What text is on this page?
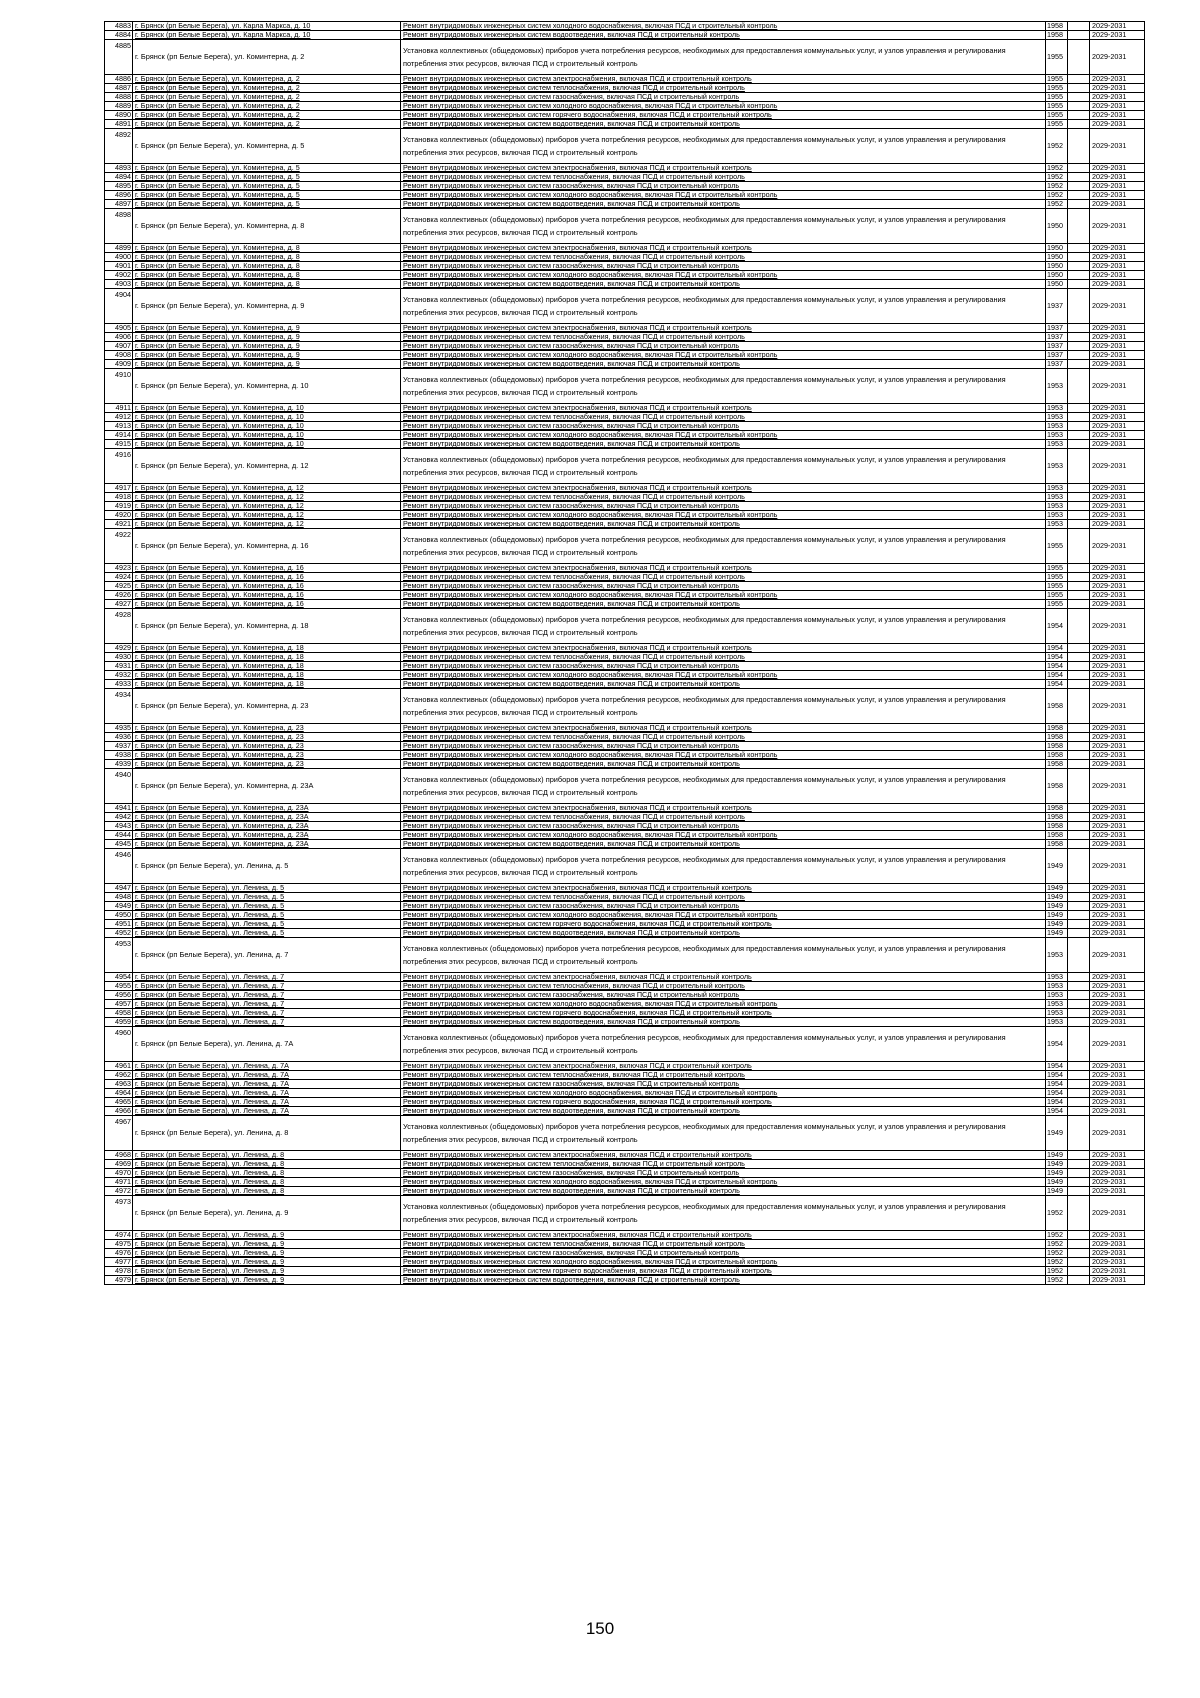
4883	г. Брянск (рп Белые Берега), ул. Карла Маркса, д. 10	Ремонт внутридомовых инженерных систем холодного водоснабжения, включая ПСД и строительный контроль	1958		2029-2031
4884	г. Брянск (рп Белые Берега), ул. Карла Маркса, д. 10	Ремонт внутридомовых инженерных систем водоотведения, включая ПСД и строительный контроль	1958		2029-2031
4885	г. Брянск (рп Белые Берега), ул. Коминтерна, д. 2	Установка коллективных (общедомовых) приборов учета потребления ресурсов, необходимых для предоставления коммунальных услуг, и узлов управления и регулирования потребления этих ресурсов, включая ПСД и строительный контроль	1955		2029-2031
4886	г. Брянск (рп Белые Берега), ул. Коминтерна, д. 2	Ремонт внутридомовых инженерных систем электроснабжения, включая ПСД и строительный контроль	1955		2029-2031
4887	г. Брянск (рп Белые Берега), ул. Коминтерна, д. 2	Ремонт внутридомовых инженерных систем теплоснабжения, включая ПСД и строительный контроль	1955		2029-2031
4888	г. Брянск (рп Белые Берега), ул. Коминтерна, д. 2	Ремонт внутридомовых инженерных систем газоснабжения, включая ПСД и строительный контроль	1955		2029-2031
4889	г. Брянск (рп Белые Берега), ул. Коминтерна, д. 2	Ремонт внутридомовых инженерных систем холодного водоснабжения, включая ПСД и строительный контроль	1955		2029-2031
4890	г. Брянск (рп Белые Берега), ул. Коминтерна, д. 2	Ремонт внутридомовых инженерных систем горячего водоснабжения, включая ПСД и строительный контроль	1955		2029-2031
4891	г. Брянск (рп Белые Берега), ул. Коминтерна, д. 2	Ремонт внутридомовых инженерных систем водоотведения, включая ПСД и строительный контроль	1955		2029-2031
4892	г. Брянск (рп Белые Берега), ул. Коминтерна, д. 5	Установка коллективных (общедомовых) приборов учета потребления ресурсов, необходимых для предоставления коммунальных услуг, и узлов управления и регулирования потребления этих ресурсов, включая ПСД и строительный контроль	1952		2029-2031
4893	г. Брянск (рп Белые Берега), ул. Коминтерна, д. 5	Ремонт внутридомовых инженерных систем электроснабжения, включая ПСД и строительный контроль	1952		2029-2031
4894	г. Брянск (рп Белые Берега), ул. Коминтерна, д. 5	Ремонт внутридомовых инженерных систем теплоснабжения, включая ПСД и строительный контроль	1952		2029-2031
4895	г. Брянск (рп Белые Берега), ул. Коминтерна, д. 5	Ремонт внутридомовых инженерных систем газоснабжения, включая ПСД и строительный контроль	1952		2029-2031
4896	г. Брянск (рп Белые Берега), ул. Коминтерна, д. 5	Ремонт внутридомовых инженерных систем холодного водоснабжения, включая ПСД и строительный контроль	1952		2029-2031
4897	г. Брянск (рп Белые Берега), ул. Коминтерна, д. 5	Ремонт внутридомовых инженерных систем водоотведения, включая ПСД и строительный контроль	1952		2029-2031
4898	г. Брянск (рп Белые Берега), ул. Коминтерна, д. 8	Установка коллективных (общедомовых) приборов учета потребления ресурсов, необходимых для предоставления коммунальных услуг, и узлов управления и регулирования потребления этих ресурсов, включая ПСД и строительный контроль	1950		2029-2031
4899	г. Брянск (рп Белые Берега), ул. Коминтерна, д. 8	Ремонт внутридомовых инженерных систем электроснабжения, включая ПСД и строительный контроль	1950		2029-2031
4900	г. Брянск (рп Белые Берега), ул. Коминтерна, д. 8	Ремонт внутридомовых инженерных систем теплоснабжения, включая ПСД и строительный контроль	1950		2029-2031
4901	г. Брянск (рп Белые Берега), ул. Коминтерна, д. 8	Ремонт внутридомовых инженерных систем газоснабжения, включая ПСД и строительный контроль	1950		2029-2031
4902	г. Брянск (рп Белые Берега), ул. Коминтерна, д. 8	Ремонт внутридомовых инженерных систем холодного водоснабжения, включая ПСД и строительный контроль	1950		2029-2031
4903	г. Брянск (рп Белые Берега), ул. Коминтерна, д. 8	Ремонт внутридомовых инженерных систем водоотведения, включая ПСД и строительный контроль	1950		2029-2031
4904	г. Брянск (рп Белые Берега), ул. Коминтерна, д. 9	Установка коллективных (общедомовых) приборов учета потребления ресурсов, необходимых для предоставления коммунальных услуг, и узлов управления и регулирования потребления этих ресурсов, включая ПСД и строительный контроль	1937		2029-2031
4905	г. Брянск (рп Белые Берега), ул. Коминтерна, д. 9	Ремонт внутридомовых инженерных систем электроснабжения, включая ПСД и строительный контроль	1937		2029-2031
4906	г. Брянск (рп Белые Берега), ул. Коминтерна, д. 9	Ремонт внутридомовых инженерных систем теплоснабжения, включая ПСД и строительный контроль	1937		2029-2031
4907	г. Брянск (рп Белые Берега), ул. Коминтерна, д. 9	Ремонт внутридомовых инженерных систем газоснабжения, включая ПСД и строительный контроль	1937		2029-2031
4908	г. Брянск (рп Белые Берега), ул. Коминтерна, д. 9	Ремонт внутридомовых инженерных систем холодного водоснабжения, включая ПСД и строительный контроль	1937		2029-2031
4909	г. Брянск (рп Белые Берега), ул. Коминтерна, д. 9	Ремонт внутридомовых инженерных систем водоотведения, включая ПСД и строительный контроль	1937		2029-2031
4910	г. Брянск (рп Белые Берега), ул. Коминтерна, д. 10	Установка коллективных (общедомовых) приборов учета потребления ресурсов, необходимых для предоставления коммунальных услуг, и узлов управления и регулирования потребления этих ресурсов, включая ПСД и строительный контроль	1953		2029-2031
4911	г. Брянск (рп Белые Берега), ул. Коминтерна, д. 10	Ремонт внутридомовых инженерных систем электроснабжения, включая ПСД и строительный контроль	1953		2029-2031
4912	г. Брянск (рп Белые Берега), ул. Коминтерна, д. 10	Ремонт внутридомовых инженерных систем теплоснабжения, включая ПСД и строительный контроль	1953		2029-2031
4913	г. Брянск (рп Белые Берега), ул. Коминтерна, д. 10	Ремонт внутридомовых инженерных систем газоснабжения, включая ПСД и строительный контроль	1953		2029-2031
4914	г. Брянск (рп Белые Берега), ул. Коминтерна, д. 10	Ремонт внутридомовых инженерных систем холодного водоснабжения, включая ПСД и строительный контроль	1953		2029-2031
4915	г. Брянск (рп Белые Берега), ул. Коминтерна, д. 10	Ремонт внутридомовых инженерных систем водоотведения, включая ПСД и строительный контроль	1953		2029-2031
4916	г. Брянск (рп Белые Берега), ул. Коминтерна, д. 12	Установка коллективных (общедомовых) приборов учета потребления ресурсов, необходимых для предоставления коммунальных услуг, и узлов управления и регулирования потребления этих ресурсов, включая ПСД и строительный контроль	1953		2029-2031
4917	г. Брянск (рп Белые Берега), ул. Коминтерна, д. 12	Ремонт внутридомовых инженерных систем электроснабжения, включая ПСД и строительный контроль	1953		2029-2031
4918	г. Брянск (рп Белые Берега), ул. Коминтерна, д. 12	Ремонт внутридомовых инженерных систем теплоснабжения, включая ПСД и строительный контроль	1953		2029-2031
4919	г. Брянск (рп Белые Берега), ул. Коминтерна, д. 12	Ремонт внутридомовых инженерных систем газоснабжения, включая ПСД и строительный контроль	1953		2029-2031
4920	г. Брянск (рп Белые Берега), ул. Коминтерна, д. 12	Ремонт внутридомовых инженерных систем холодного водоснабжения, включая ПСД и строительный контроль	1953		2029-2031
4921	г. Брянск (рп Белые Берега), ул. Коминтерна, д. 12	Ремонт внутридомовых инженерных систем водоотведения, включая ПСД и строительный контроль	1953		2029-2031
4922	г. Брянск (рп Белые Берега), ул. Коминтерна, д. 16	Установка коллективных (общедомовых) приборов учета потребления ресурсов, необходимых для предоставления коммунальных услуг, и узлов управления и регулирования потребления этих ресурсов, включая ПСД и строительный контроль	1955		2029-2031
4923	г. Брянск (рп Белые Берега), ул. Коминтерна, д. 16	Ремонт внутридомовых инженерных систем электроснабжения, включая ПСД и строительный контроль	1955		2029-2031
4924	г. Брянск (рп Белые Берега), ул. Коминтерна, д. 16	Ремонт внутридомовых инженерных систем теплоснабжения, включая ПСД и строительный контроль	1955		2029-2031
4925	г. Брянск (рп Белые Берега), ул. Коминтерна, д. 16	Ремонт внутридомовых инженерных систем газоснабжения, включая ПСД и строительный контроль	1955		2029-2031
4926	г. Брянск (рп Белые Берега), ул. Коминтерна, д. 16	Ремонт внутридомовых инженерных систем холодного водоснабжения, включая ПСД и строительный контроль	1955		2029-2031
4927	г. Брянск (рп Белые Берега), ул. Коминтерна, д. 16	Ремонт внутридомовых инженерных систем водоотведения, включая ПСД и строительный контроль	1955		2029-2031
4928	г. Брянск (рп Белые Берега), ул. Коминтерна, д. 18	Установка коллективных (общедомовых) приборов учета потребления ресурсов, необходимых для предоставления коммунальных услуг, и узлов управления и регулирования потребления этих ресурсов, включая ПСД и строительный контроль	1954		2029-2031
4929	г. Брянск (рп Белые Берега), ул. Коминтерна, д. 18	Ремонт внутридомовых инженерных систем электроснабжения, включая ПСД и строительный контроль	1954		2029-2031
4930	г. Брянск (рп Белые Берега), ул. Коминтерна, д. 18	Ремонт внутридомовых инженерных систем теплоснабжения, включая ПСД и строительный контроль	1954		2029-2031
4931	г. Брянск (рп Белые Берега), ул. Коминтерна, д. 18	Ремонт внутридомовых инженерных систем газоснабжения, включая ПСД и строительный контроль	1954		2029-2031
4932	г. Брянск (рп Белые Берега), ул. Коминтерна, д. 18	Ремонт внутридомовых инженерных систем холодного водоснабжения, включая ПСД и строительный контроль	1954		2029-2031
4933	г. Брянск (рп Белые Берега), ул. Коминтерна, д. 18	Ремонт внутридомовых инженерных систем водоотведения, включая ПСД и строительный контроль	1954		2029-2031
4934	г. Брянск (рп Белые Берега), ул. Коминтерна, д. 23	Установка коллективных (общедомовых) приборов учета потребления ресурсов, необходимых для предоставления коммунальных услуг, и узлов управления и регулирования потребления этих ресурсов, включая ПСД и строительный контроль	1958		2029-2031
4935	г. Брянск (рп Белые Берега), ул. Коминтерна, д. 23	Ремонт внутридомовых инженерных систем электроснабжения, включая ПСД и строительный контроль	1958		2029-2031
4936	г. Брянск (рп Белые Берега), ул. Коминтерна, д. 23	Ремонт внутридомовых инженерных систем теплоснабжения, включая ПСД и строительный контроль	1958		2029-2031
4937	г. Брянск (рп Белые Берега), ул. Коминтерна, д. 23	Ремонт внутридомовых инженерных систем газоснабжения, включая ПСД и строительный контроль	1958		2029-2031
4938	г. Брянск (рп Белые Берега), ул. Коминтерна, д. 23	Ремонт внутридомовых инженерных систем холодного водоснабжения, включая ПСД и строительный контроль	1958		2029-2031
4939	г. Брянск (рп Белые Берега), ул. Коминтерна, д. 23	Ремонт внутридомовых инженерных систем водоотведения, включая ПСД и строительный контроль	1958		2029-2031
4940	г. Брянск (рп Белые Берега), ул. Коминтерна, д. 23А	Установка коллективных (общедомовых) приборов учета потребления ресурсов, необходимых для предоставления коммунальных услуг, и узлов управления и регулирования потребления этих ресурсов, включая ПСД и строительный контроль	1958		2029-2031
4941	г. Брянск (рп Белые Берега), ул. Коминтерна, д. 23А	Ремонт внутридомовых инженерных систем электроснабжения, включая ПСД и строительный контроль	1958		2029-2031
4942	г. Брянск (рп Белые Берега), ул. Коминтерна, д. 23А	Ремонт внутридомовых инженерных систем теплоснабжения, включая ПСД и строительный контроль	1958		2029-2031
4943	г. Брянск (рп Белые Берега), ул. Коминтерна, д. 23А	Ремонт внутридомовых инженерных систем газоснабжения, включая ПСД и строительный контроль	1958		2029-2031
4944	г. Брянск (рп Белые Берега), ул. Коминтерна, д. 23А	Ремонт внутридомовых инженерных систем холодного водоснабжения, включая ПСД и строительный контроль	1958		2029-2031
4945	г. Брянск (рп Белые Берега), ул. Коминтерна, д. 23А	Ремонт внутридомовых инженерных систем водоотведения, включая ПСД и строительный контроль	1958		2029-2031
4946	г. Брянск (рп Белые Берега), ул. Ленина, д. 5	Установка коллективных (общедомовых) приборов учета потребления ресурсов, необходимых для предоставления коммунальных услуг, и узлов управления и регулирования потребления этих ресурсов, включая ПСД и строительный контроль	1949		2029-2031
4947	г. Брянск (рп Белые Берега), ул. Ленина, д. 5	Ремонт внутридомовых инженерных систем электроснабжения, включая ПСД и строительный контроль	1949		2029-2031
4948	г. Брянск (рп Белые Берега), ул. Ленина, д. 5	Ремонт внутридомовых инженерных систем теплоснабжения, включая ПСД и строительный контроль	1949		2029-2031
4949	г. Брянск (рп Белые Берега), ул. Ленина, д. 5	Ремонт внутридомовых инженерных систем газоснабжения, включая ПСД и строительный контроль	1949		2029-2031
4950	г. Брянск (рп Белые Берега), ул. Ленина, д. 5	Ремонт внутридомовых инженерных систем холодного водоснабжения, включая ПСД и строительный контроль	1949		2029-2031
4951	г. Брянск (рп Белые Берега), ул. Ленина, д. 5	Ремонт внутридомовых инженерных систем горячего водоснабжения, включая ПСД и строительный контроль	1949		2029-2031
4952	г. Брянск (рп Белые Берега), ул. Ленина, д. 5	Ремонт внутридомовых инженерных систем водоотведения, включая ПСД и строительный контроль	1949		2029-2031
4953	г. Брянск (рп Белые Берега), ул. Ленина, д. 7	Установка коллективных (общедомовых) приборов учета потребления ресурсов, необходимых для предоставления коммунальных услуг, и узлов управления и регулирования потребления этих ресурсов, включая ПСД и строительный контроль	1953		2029-2031
4954	г. Брянск (рп Белые Берега), ул. Ленина, д. 7	Ремонт внутридомовых инженерных систем электроснабжения, включая ПСД и строительный контроль	1953		2029-2031
4955	г. Брянск (рп Белые Берега), ул. Ленина, д. 7	Ремонт внутридомовых инженерных систем теплоснабжения, включая ПСД и строительный контроль	1953		2029-2031
4956	г. Брянск (рп Белые Берега), ул. Ленина, д. 7	Ремонт внутридомовых инженерных систем газоснабжения, включая ПСД и строительный контроль	1953		2029-2031
4957	г. Брянск (рп Белые Берега), ул. Ленина, д. 7	Ремонт внутридомовых инженерных систем холодного водоснабжения, включая ПСД и строительный контроль	1953		2029-2031
4958	г. Брянск (рп Белые Берега), ул. Ленина, д. 7	Ремонт внутридомовых инженерных систем горячего водоснабжения, включая ПСД и строительный контроль	1953		2029-2031
4959	г. Брянск (рп Белые Берега), ул. Ленина, д. 7	Ремонт внутридомовых инженерных систем водоотведения, включая ПСД и строительный контроль	1953		2029-2031
4960	г. Брянск (рп Белые Берега), ул. Ленина, д. 7А	Установка коллективных (общедомовых) приборов учета потребления ресурсов, необходимых для предоставления коммунальных услуг, и узлов управления и регулирования потребления этих ресурсов, включая ПСД и строительный контроль	1954		2029-2031
4961	г. Брянск (рп Белые Берега), ул. Ленина, д. 7А	Ремонт внутридомовых инженерных систем электроснабжения, включая ПСД и строительный контроль	1954		2029-2031
4962	г. Брянск (рп Белые Берега), ул. Ленина, д. 7А	Ремонт внутридомовых инженерных систем теплоснабжения, включая ПСД и строительный контроль	1954		2029-2031
4963	г. Брянск (рп Белые Берега), ул. Ленина, д. 7А	Ремонт внутридомовых инженерных систем газоснабжения, включая ПСД и строительный контроль	1954		2029-2031
4964	г. Брянск (рп Белые Берега), ул. Ленина, д. 7А	Ремонт внутридомовых инженерных систем холодного водоснабжения, включая ПСД и строительный контроль	1954		2029-2031
4965	г. Брянск (рп Белые Берега), ул. Ленина, д. 7А	Ремонт внутридомовых инженерных систем горячего водоснабжения, включая ПСД и строительный контроль	1954		2029-2031
4966	г. Брянск (рп Белые Берега), ул. Ленина, д. 7А	Ремонт внутридомовых инженерных систем водоотведения, включая ПСД и строительный контроль	1954		2029-2031
4967	г. Брянск (рп Белые Берега), ул. Ленина, д. 8	Установка коллективных (общедомовых) приборов учета потребления ресурсов, необходимых для предоставления коммунальных услуг, и узлов управления и регулирования потребления этих ресурсов, включая ПСД и строительный контроль	1949		2029-2031
4968	г. Брянск (рп Белые Берега), ул. Ленина, д. 8	Ремонт внутридомовых инженерных систем электроснабжения, включая ПСД и строительный контроль	1949		2029-2031
4969	г. Брянск (рп Белые Берега), ул. Ленина, д. 8	Ремонт внутридомовых инженерных систем теплоснабжения, включая ПСД и строительный контроль	1949		2029-2031
4970	г. Брянск (рп Белые Берега), ул. Ленина, д. 8	Ремонт внутридомовых инженерных систем газоснабжения, включая ПСД и строительный контроль	1949		2029-2031
4971	г. Брянск (рп Белые Берега), ул. Ленина, д. 8	Ремонт внутридомовых инженерных систем холодного водоснабжения, включая ПСД и строительный контроль	1949		2029-2031
4972	г. Брянск (рп Белые Берега), ул. Ленина, д. 8	Ремонт внутридомовых инженерных систем водоотведения, включая ПСД и строительный контроль	1949		2029-2031
4973	г. Брянск (рп Белые Берега), ул. Ленина, д. 9	Установка коллективных (общедомовых) приборов учета потребления ресурсов, необходимых для предоставления коммунальных услуг, и узлов управления и регулирования потребления этих ресурсов, включая ПСД и строительный контроль	1952		2029-2031
4974	г. Брянск (рп Белые Берега), ул. Ленина, д. 9	Ремонт внутридомовых инженерных систем электроснабжения, включая ПСД и строительный контроль	1952		2029-2031
4975	г. Брянск (рп Белые Берега), ул. Ленина, д. 9	Ремонт внутридомовых инженерных систем теплоснабжения, включая ПСД и строительный контроль	1952		2029-2031
4976	г. Брянск (рп Белые Берега), ул. Ленина, д. 9	Ремонт внутридомовых инженерных систем газоснабжения, включая ПСД и строительный контроль	1952		2029-2031
4977	г. Брянск (рп Белые Берега), ул. Ленина, д. 9	Ремонт внутридомовых инженерных систем холодного водоснабжения, включая ПСД и строительный контроль	1952		2029-2031
4978	г. Брянск (рп Белые Берега), ул. Ленина, д. 9	Ремонт внутридомовых инженерных систем горячего водоснабжения, включая ПСД и строительный контроль	1952		2029-2031
4979	г. Брянск (рп Белые Берега), ул. Ленина, д. 9	Ремонт внутридомовых инженерных систем водоотведения, включая ПСД и строительный контроль	1952		2029-2031
150
